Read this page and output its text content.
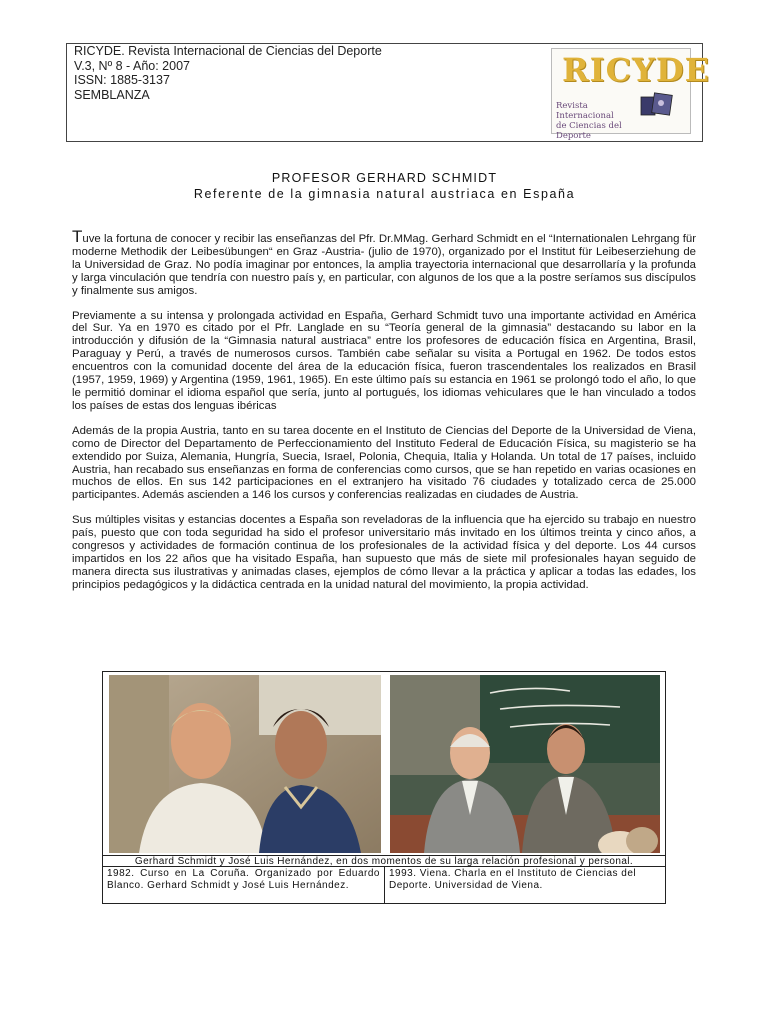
RICYDE. Revista Internacional de Ciencias del Deporte
V.3, Nº 8 - Año: 2007
ISSN: 1885-3137
SEMBLANZA
RICYDE
Revista Internacional
de Ciencias del Deporte
PROFESOR GERHARD SCHMIDT
Referente de la gimnasia natural austriaca en España

Tuve la fortuna de conocer y recibir las enseñanzas del Pfr. Dr.MMag. Gerhard Schmidt en el “Internationalen Lehrgang für moderne Methodik der Leibesübungen“ en Graz -Austria- (julio de 1970), organizado por el Institut für Leibeserziehung de la Universidad de Graz. No podía imaginar por entonces, la amplia trayectoria internacional que desarrollaría y la profunda y larga vinculación que tendría con nuestro país y, en particular, con algunos de los que a la postre seríamos sus discípulos y finalmente sus amigos.

Previamente a su intensa y prolongada actividad en España, Gerhard Schmidt tuvo una importante actividad en América del Sur. Ya en 1970 es citado por el Pfr. Langlade en su “Teoría general de la gimnasia” destacando su labor en la introducción y difusión de la “Gimnasia natural austriaca” entre los profesores de educación física en Argentina, Brasil, Paraguay y Perú, a través de numerosos cursos. También cabe señalar su visita a Portugal en 1962. De todos estos encuentros con la comunidad docente del área de la educación física, fueron trascendentales los realizados en Brasil (1957, 1959, 1969) y Argentina (1959, 1961, 1965). En este último país su estancia en 1961 se prolongó todo el año, lo que le permitió dominar el idioma español que sería, junto al portugués, los idiomas vehiculares que le han vinculado a todos los países de estas dos lenguas ibéricas

Además de la propia Austria, tanto en su tarea docente en el Instituto de Ciencias del Deporte de la Universidad de Viena, como de Director del Departamento de Perfeccionamiento del Instituto Federal de Educación Física, su magisterio se ha extendido por Suiza, Alemania, Hungría, Suecia, Israel, Polonia, Chequia, Italia y Holanda. Un total de 17 países, incluido Austria, han recabado sus enseñanzas en forma de conferencias como cursos, que se han repetido en varias ocasiones en muchos de ellos. En sus 142 participaciones en el extranjero ha visitado 76 ciudades y totalizado cerca de 25.000 participantes. Además ascienden a 146 los cursos y conferencias realizadas en ciudades de Austria.

Sus múltiples visitas y estancias docentes a España son reveladoras de la influencia que ha ejercido su trabajo en nuestro país, puesto que con toda seguridad ha sido el profesor universitario más invitado en los últimos treinta y cinco años, a congresos y actividades de formación continua de los profesionales de la actividad física y del deporte. Los 44 cursos impartidos en los 22 años que ha visitado España, han supuesto que más de siete mil profesionales hayan seguido de manera directa sus ilustrativas y animadas clases, ejemplos de cómo llevar a la práctica y aplicar a todas las edades, los principios pedagógicos y la didáctica centrada en la unidad natural del movimiento, la propia actividad.

Gerhard Schmidt y José Luis Hernández, en dos momentos de su larga relación profesional y personal.
1982. Curso en La Coruña. Organizado por Eduardo Blanco. Gerhard Schmidt y José Luis Hernández.
1993. Viena. Charla en el Instituto de Ciencias del Deporte. Universidad de Viena.
